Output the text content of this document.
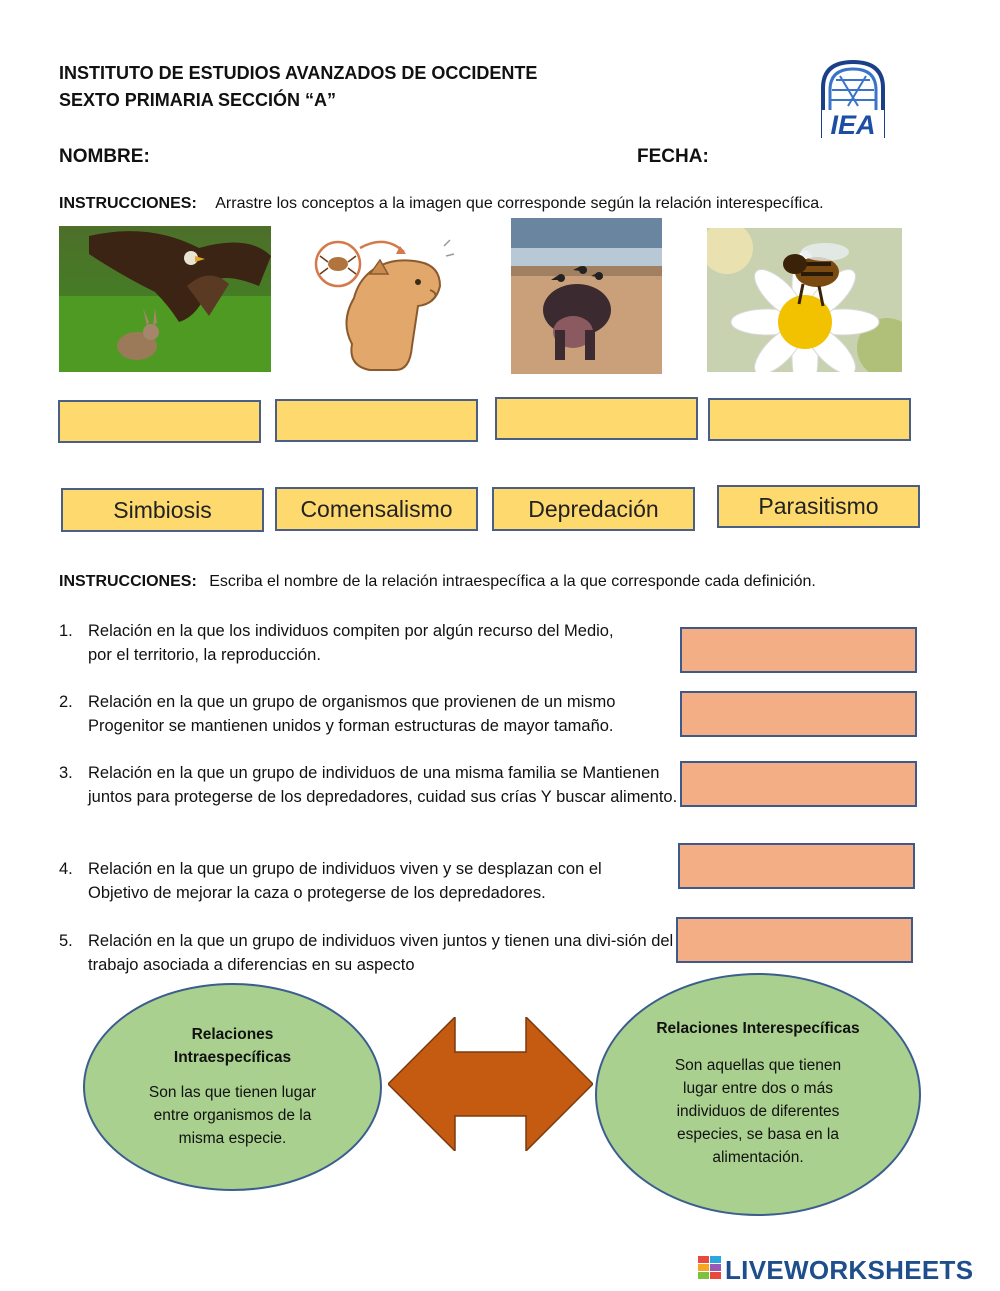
INSTITUTO DE ESTUDIOS AVANZADOS DE OCCIDENTE
SEXTO PRIMARIA SECCIÓN “A”
IEA
NOMBRE:	FECHA:
INSTRUCCIONES: Arrastre los conceptos a la imagen que corresponde según la relación interespecífica.
Simbiosis	Comensalismo	Depredación	Parasitismo
INSTRUCCIONES: Escriba el nombre de la relación intraespecífica a la que corresponde cada definición.
1. Relación en la que los individuos compiten por algún recurso del Medio, por el territorio, la reproducción.
2. Relación en la que un grupo de organismos que provienen de un mismo Progenitor se mantienen unidos y forman estructuras de mayor tamaño.
3. Relación en la que un grupo de individuos de una misma familia se Mantienen juntos para protegerse de los depredadores, cuidad sus crías Y buscar alimento.
4. Relación en la que un grupo de individuos viven y se desplazan con el Objetivo de mejorar la caza o protegerse de los depredadores.
5. Relación en la que un grupo de individuos viven juntos y tienen una divi-sión del trabajo asociada a diferencias en su aspecto
Relaciones Intraespecíficas
Son las que tienen lugar entre organismos de la misma especie.
Relaciones Interespecíficas
Son aquellas que tienen lugar entre dos o más individuos de diferentes especies, se basa en la alimentación.
LIVEWORKSHEETS
